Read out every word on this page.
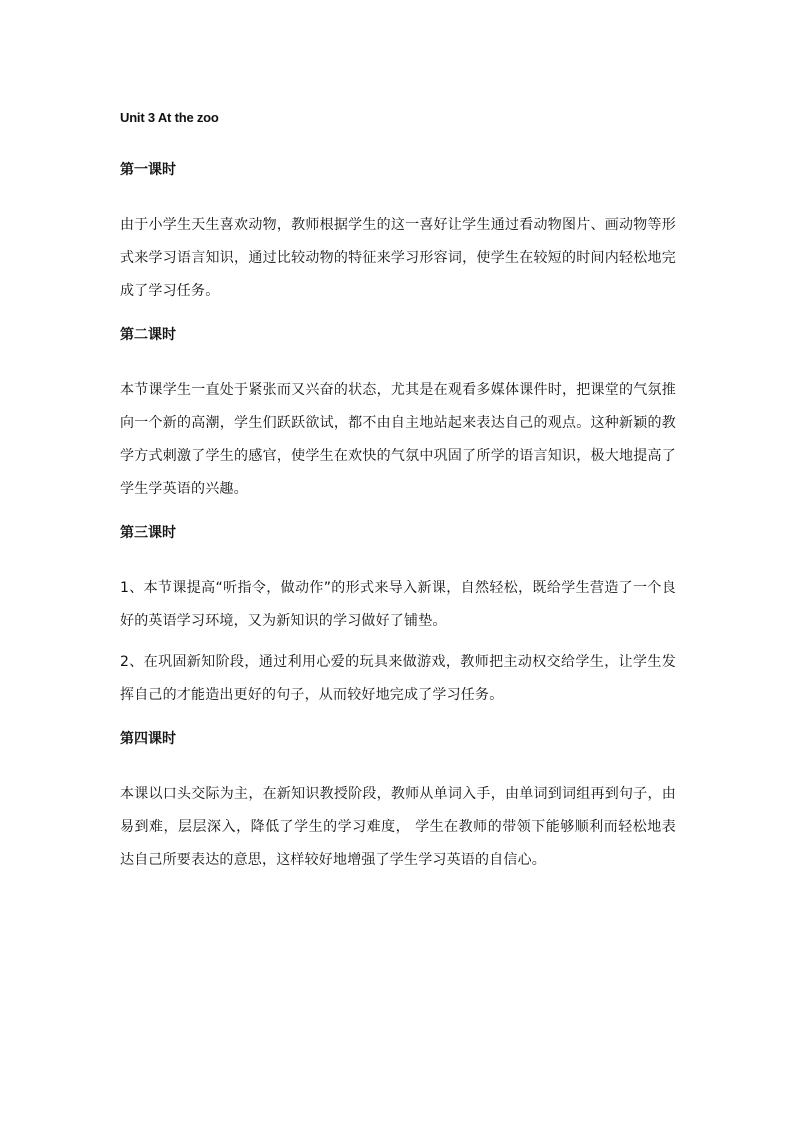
Unit 3 At the zoo
第一课时

由于小学生天生喜欢动物，教师根据学生的这一喜好让学生通过看动物图片、画动物等形式来学习语言知识，通过比较动物的特征来学习形容词，使学生在较短的时间内轻松地完成了学习任务。

第二课时

本节课学生一直处于紧张而又兴奋的状态，尤其是在观看多媒体课件时，把课堂的气氛推向一个新的高潮，学生们跃跃欲试，都不由自主地站起来表达自己的观点。这种新颖的教学方式刺激了学生的感官，使学生在欢快的气氛中巩固了所学的语言知识，极大地提高了学生学英语的兴趣。

第三课时

1、本节课提高“听指令，做动作”的形式来导入新课，自然轻松，既给学生营造了一个良好的英语学习环境，又为新知识的学习做好了铺垫。

2、在巩固新知阶段，通过利用心爱的玩具来做游戏，教师把主动权交给学生，让学生发挥自己的才能造出更好的句子，从而较好地完成了学习任务。

第四课时

本课以口头交际为主，在新知识教授阶段，教师从单词入手，由单词到词组再到句子，由易到难，层层深入，降低了学生的学习难度， 学生在教师的带领下能够顺利而轻松地表达自己所要表达的意思，这样较好地增强了学生学习英语的自信心。
